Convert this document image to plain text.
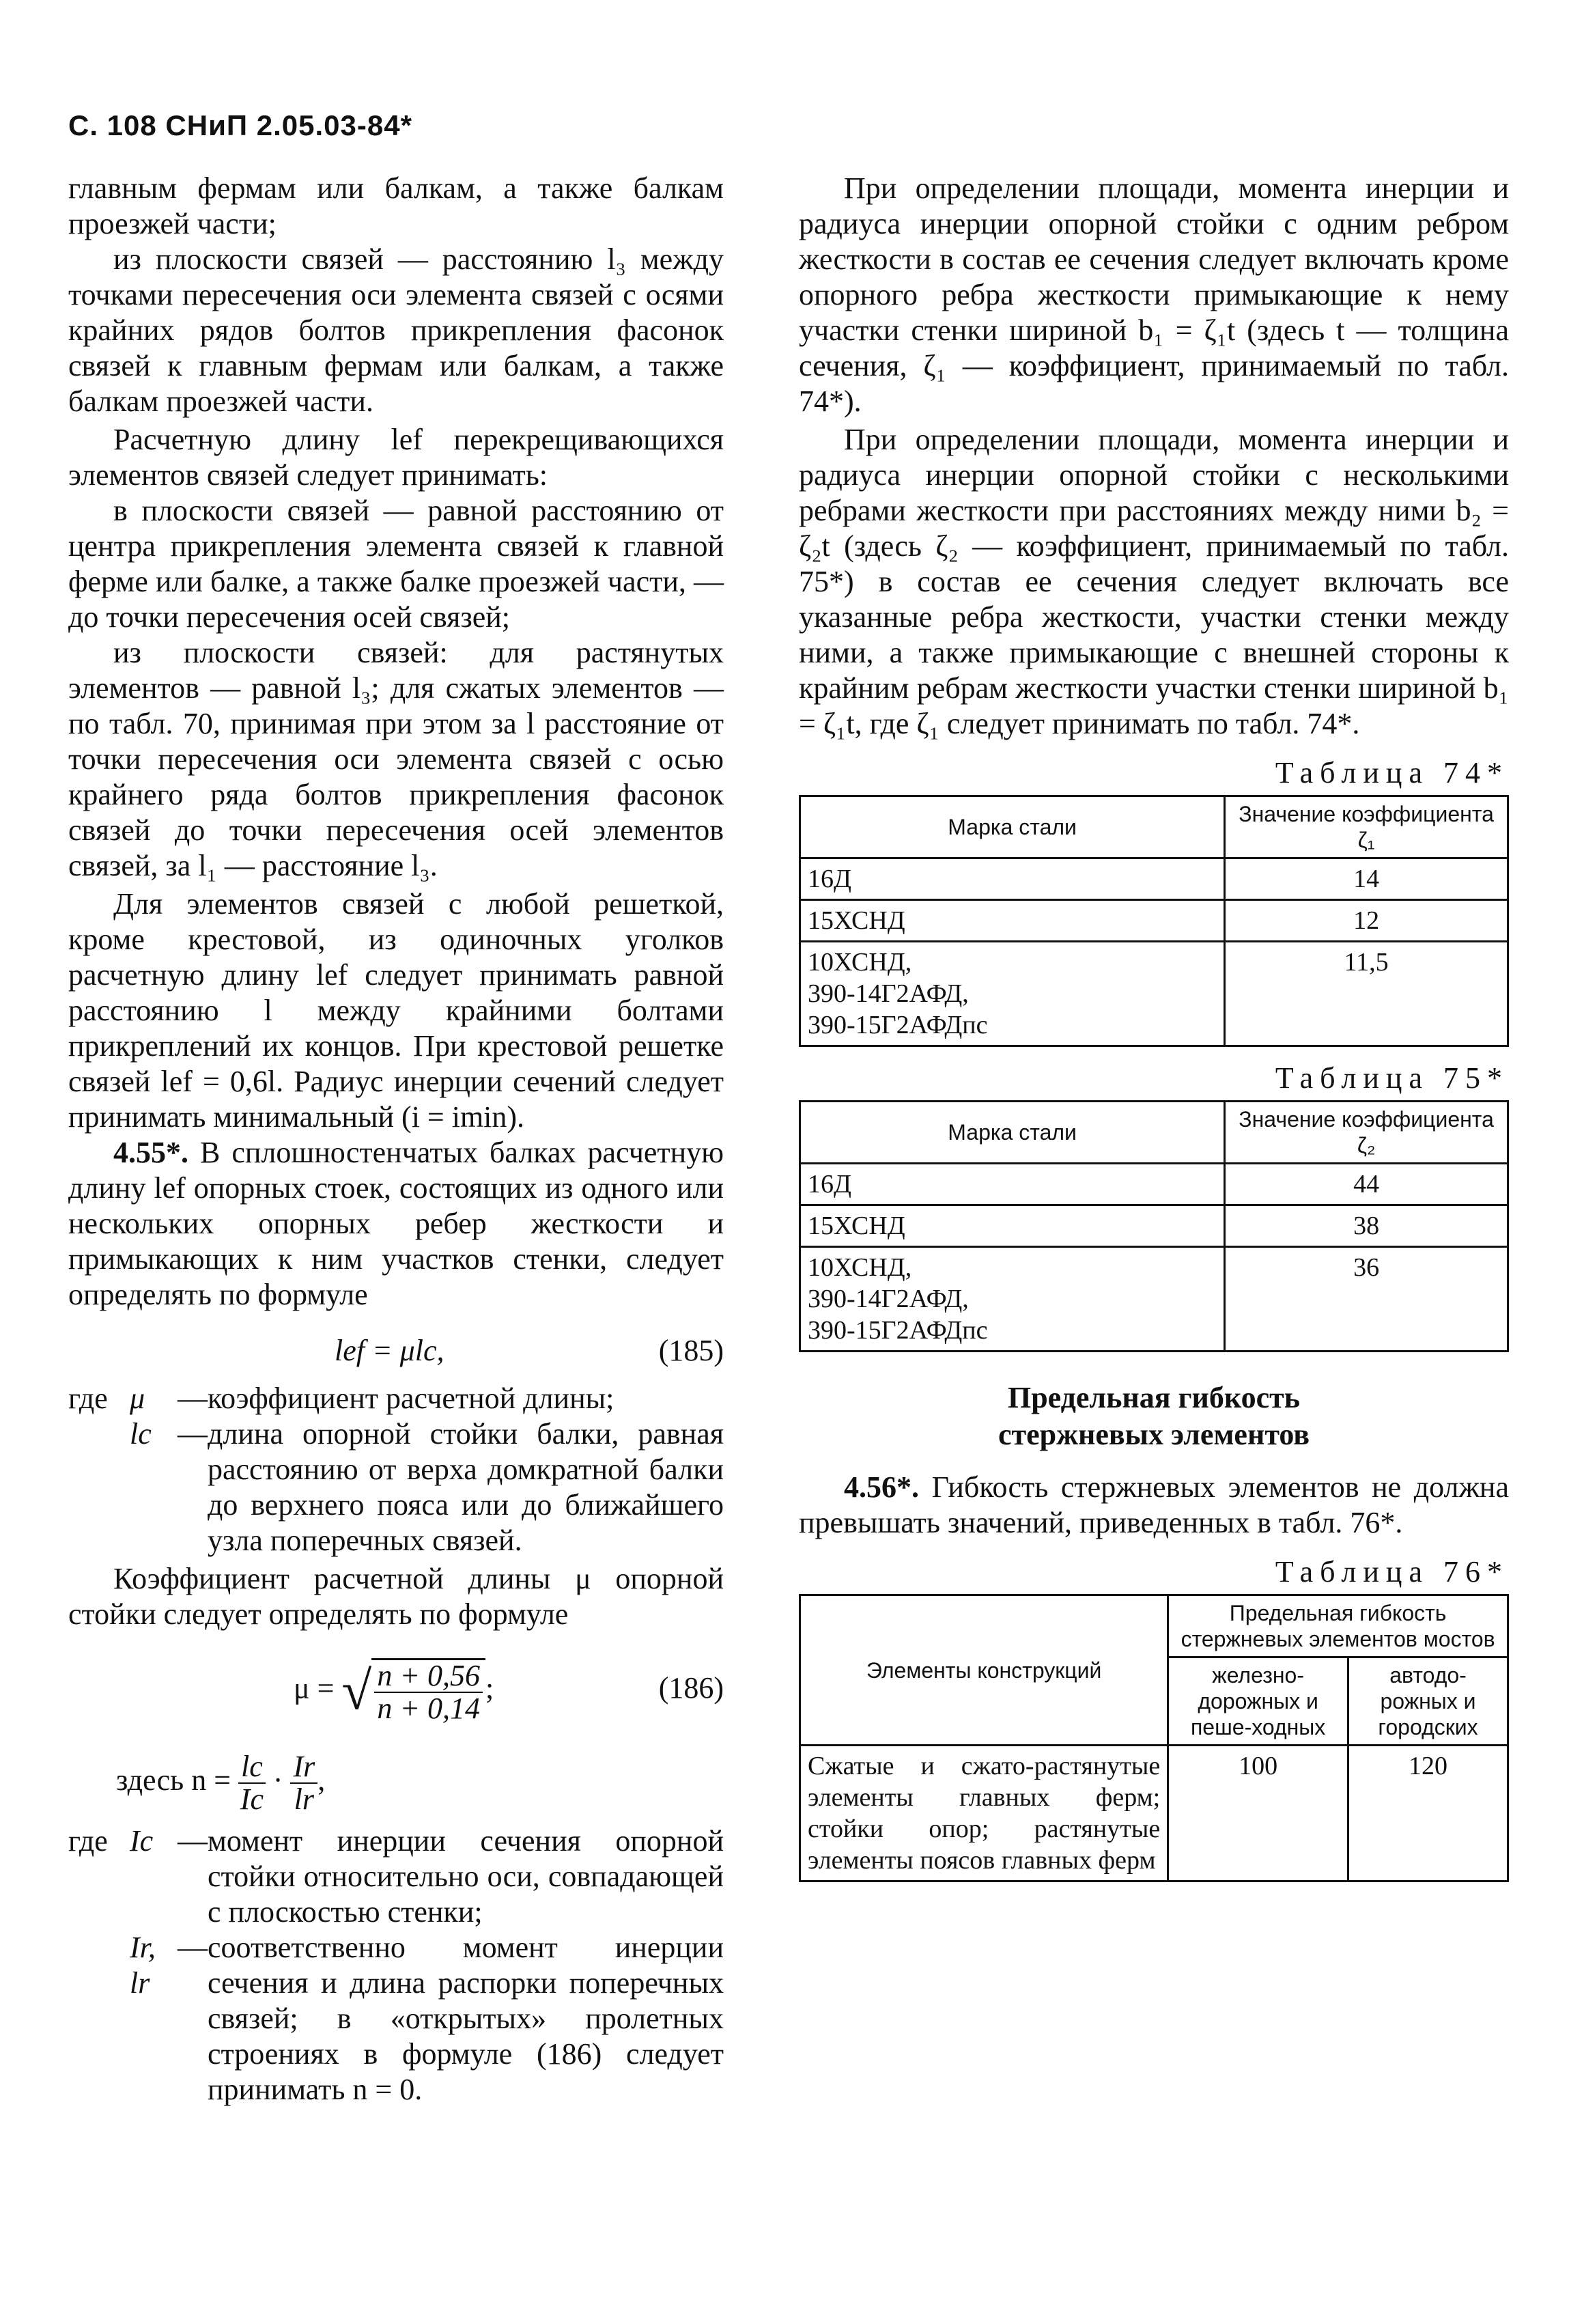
С. 108 СНиП 2.05.03-84*

главным фермам или балкам, а также балкам проезжей части;

из плоскости связей — расстоянию l₃ между точками пересечения оси элемента связей с осями крайних рядов болтов прикрепления фасонок связей к главным фермам или балкам, а также балкам проезжей части.

Расчетную длину lef перекрещивающихся элементов связей следует принимать:

в плоскости связей — равной расстоянию от центра прикрепления элемента связей к главной ферме или балке, а также балке проезжей части, — до точки пересечения осей связей;

из плоскости связей: для растянутых элементов — равной l₃; для сжатых элементов — по табл. 70, принимая при этом за l расстояние от точки пересечения оси элемента связей с осью крайнего ряда болтов прикрепления фасонок связей до точки пересечения осей элементов связей, за l₁ — расстояние l₃.

Для элементов связей с любой решеткой, кроме крестовой, из одиночных уголков расчетную длину lef следует принимать равной расстоянию l между крайними болтами прикреплений их концов. При крестовой решетке связей lef = 0,6l. Радиус инерции сечений следует принимать минимальный (i = imin).

4.55*. В сплошностенчатых балках расчетную длину lef опорных стоек, состоящих из одного или нескольких опорных ребер жесткости и примыкающих к ним участков стенки, следует определять по формуле

lef = μlc,	(185)
где μ	— коэффициент расчетной длины;
lc — длина опорной стойки балки, равная расстоянию от верха домкратной балки до верхнего пояса или до ближайшего узла поперечных связей.

Коэффициент расчетной длины μ опорной стойки следует определять по формуле

μ = √ $\frac{n + 0,56}{n + 0,14}$ ;	(186)
здесь $n = \frac{lc}{Ic} \cdot \frac{Ir}{lr}$ ,
где Ic — момент инерции сечения опорной стойки относительно оси, совпадающей с плоскостью стенки;
Ir, lr
— соответственно момент инерции сечения и длина распорки поперечных связей; в «открытых» пролетных строениях в формуле (186) следует принимать n = 0.

При определении площади, момента инерции и радиуса инерции опорной стойки с одним ребром жесткости в состав ее сечения следует включать кроме опорного ребра жесткости примыкающие к нему участки стенки шириной b₁ = ζ₁t (здесь t — толщина сечения, ζ₁ — коэффициент, принимаемый по табл. 74*).

При определении площади, момента инерции и радиуса инерции опорной стойки с несколькими ребрами жесткости при расстояниях между ними b₂ = ζ₂t (здесь ζ₂ — коэффициент, принимаемый по табл. 75*) в состав ее сечения следует включать все указанные ребра жесткости, участки стенки между ними, а также примыкающие с внешней стороны к крайним ребрам жесткости участки стенки шириной b₁ = ζ₁t, где ζ₁ следует принимать по табл. 74*.

Таблица 74*
Марка стали	Значение коэффициента ζ₁
16Д	14
15ХСНД	12
10ХСНД,
390-14Г2АФД,
390-15Г2АФДпс	11,5
Таблица 75*
Марка стали	Значение коэффициента ζ₂
16Д	44
15ХСНД	38
10ХСНД,
390-14Г2АФД,
390-15Г2АФДпс	36
Предельная гибкость
стержневых элементов

4.56*. Гибкость стержневых элементов не должна превышать значений, приведенных в табл. 76*.

Таблица 76*
Элементы конструкций	Предельная гибкость стержневых элементов мостов	
	железно-дорожных и пеше-ходных	автодо-рожных и городских
Сжатые и сжато-растянутые элементы главных ферм; стойки опор; растянутые элементы поясов главных ферм	100	120
